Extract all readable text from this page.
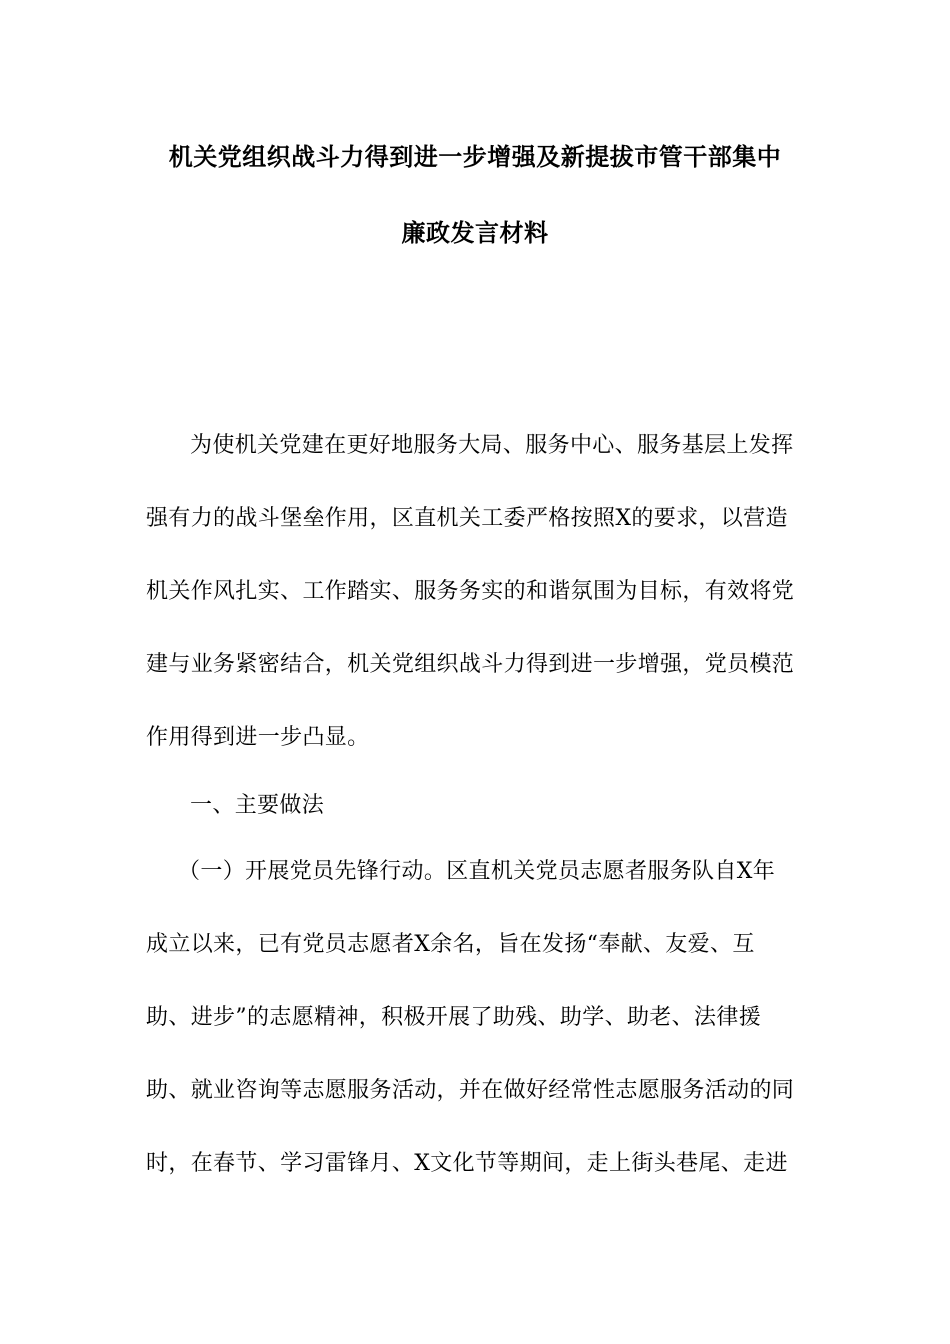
机关党组织战斗力得到进一步增强及新提拔市管干部集中
廉政发言材料
为使机关党建在更好地服务大局、服务中心、服务基层上发挥
强有力的战斗堡垒作用，区直机关工委严格按照X的要求，以营造
机关作风扎实、工作踏实、服务务实的和谐氛围为目标，有效将党
建与业务紧密结合，机关党组织战斗力得到进一步增强，党员模范
作用得到进一步凸显。
一、主要做法
（一）开展党员先锋行动。区直机关党员志愿者服务队自X年
成立以来，已有党员志愿者X余名，旨在发扬“奉献、友爱、互
助、进步”的志愿精神，积极开展了助残、助学、助老、法律援
助、就业咨询等志愿服务活动，并在做好经常性志愿服务活动的同
时，在春节、学习雷锋月、X文化节等期间，走上街头巷尾、走进
